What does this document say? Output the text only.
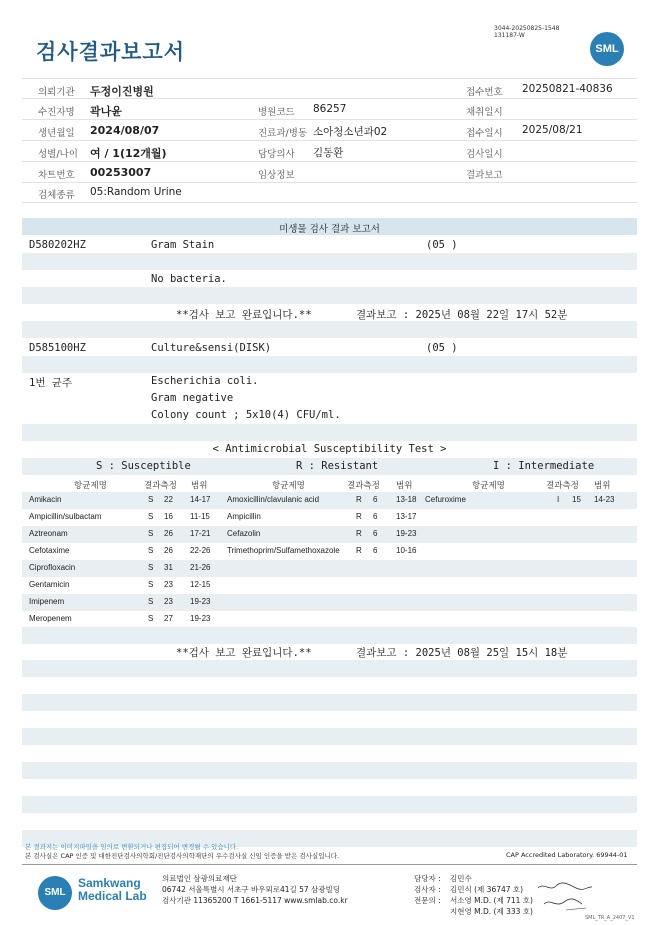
검사결과보고서
3044-20250825-1548
131187-W
SML
의뢰기관 두정이진병원	접수번호 20250821-40836
수진자명 곽나윤	병원코드 86257	채취일시
생년월일 2024/08/07	진료과/병동 소아청소년과02	접수일시 2025/08/21
성별/나이 여 / 1(12개월)	담당의사 김동환	검사일시
차트번호 00253007	임상정보	결과보고
검체종류 05:Random Urine
미생물 검사 결과 보고서
D580202HZ	Gram Stain	(05 )
No bacteria.
**검사 보고 완료입니다.**	결과보고 : 2025년 08월 22일 17시 52분
D585100HZ	Culture&sensi(DISK)	(05 )
1번 균주	Escherichia coli.
Gram negative
Colony count ; 5x10(4) CFU/ml.
< Antimicrobial Susceptibility Test >
S : Susceptible	R : Resistant	I : Intermediate
항균제명	결과측정 범위	항균제명	결과측정 범위	항균제명	결과측정 범위
Amikacin	S 22 14-17 Amoxicillin/clavulanic acid	R 6 13-18 Cefuroxime	I 15 14-23
Ampicillin/sulbactam	S 16 11-15 Ampicillin	R 6 13-17
Aztreonam	S 26 17-21 Cefazolin	R 6 19-23
Cefotaxime	S 26 22-26 Trimethoprim/Sulfamethoxazole R 6 10-16
Ciprofloxacin	S 31 21-26
Gentamicin	S 23 12-15
Imipenem	S 23 19-23
Meropenem	S 27 19-23
**검사 보고 완료입니다.**	결과보고 : 2025년 08월 25일 15시 18분
본 결과지는 이미지파일을 임의로 변환되거나 편집되어 변경될 수 있습니다.
본 검사실은 CAP 인증 및 대한진단검사의학회/진단검사의학재단의 우수검사실 신임 인증을 받은 검사실입니다.	CAP Accredited Laboratory. 69944-01
SML
Samkwang
Medical Lab
의료법인 삼광의료재단
06742 서울특별시 서초구 바우뫼로41길 57 삼광빌딩
검사기관 11365200 T 1661-5117 www.smlab.co.kr
담당자 : 김민수
검사자 : 김민식 (제 36747 호)
전문의 : 서소영 M.D. (제 711 호)
지현영 M.D. (제 333 호)
SML_TR_A_2407_V1
